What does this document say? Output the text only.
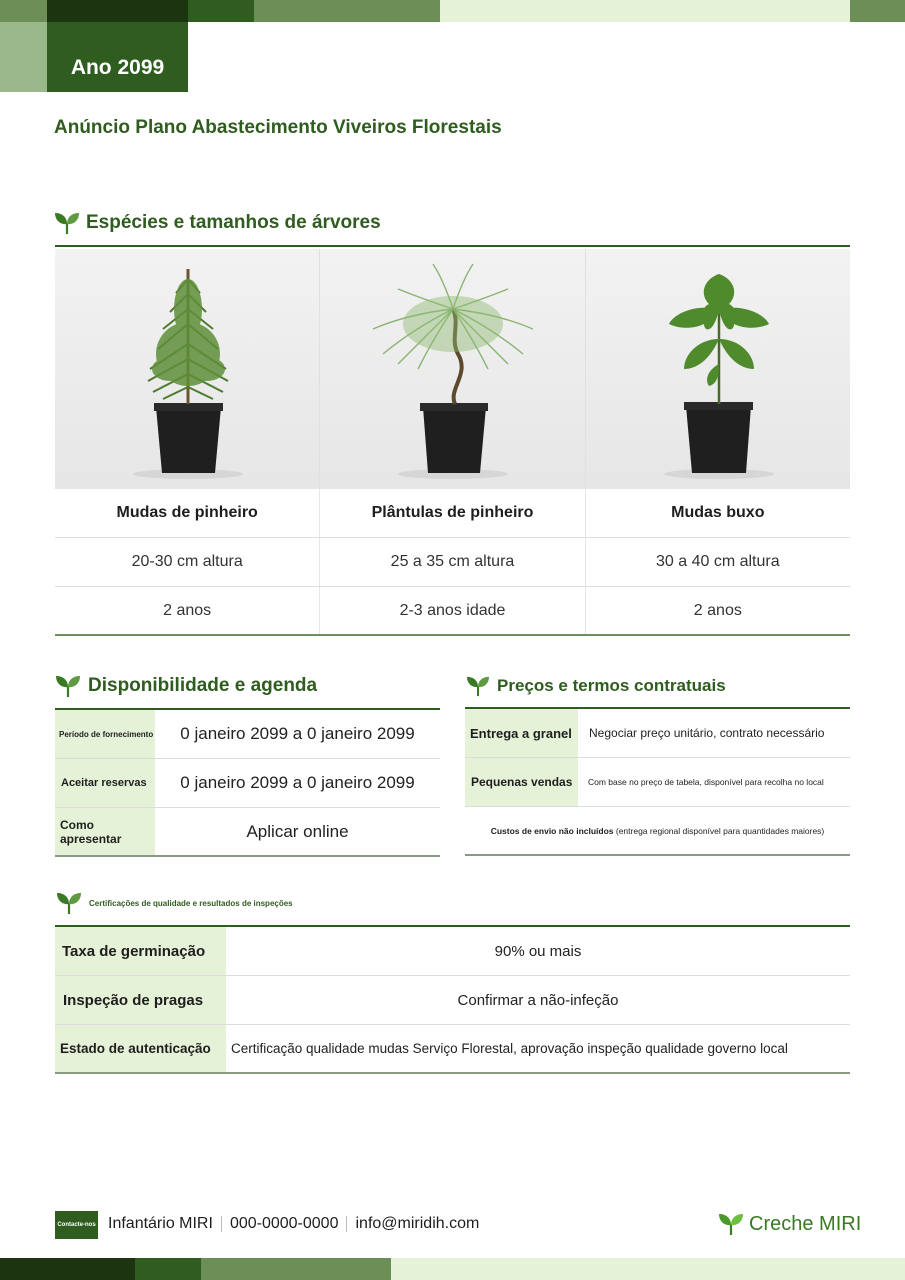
Ano 2099
Anúncio Plano Abastecimento Viveiros Florestais
Espécies e tamanhos de árvores
Mudas de pinheiro	Plântulas de pinheiro	Mudas buxo
20-30 cm altura	25 a 35 cm altura	30 a 40 cm altura
2 anos	2-3 anos idade	2 anos
Disponibilidade e agenda
Período de fornecimento	0 janeiro 2099 a 0 janeiro 2099
Aceitar reservas	0 janeiro 2099 a 0 janeiro 2099
Como apresentar	Aplicar online
Preços e termos contratuais
Entrega a granel	Negociar preço unitário, contrato necessário
Pequenas vendas	Com base no preço de tabela, disponível para recolha no local
Custos de envio não incluídos (entrega regional disponível para quantidades maiores)
Certificações de qualidade e resultados de inspeções
Taxa de germinação	90% ou mais
Inspeção de pragas	Confirmar a não-infeção
Estado de autenticação	Certificação qualidade mudas Serviço Florestal, aprovação inspeção qualidade governo local
Contacte-nos Infantário MIRI 000-0000-0000 info@miridih.com	Creche MIRI
